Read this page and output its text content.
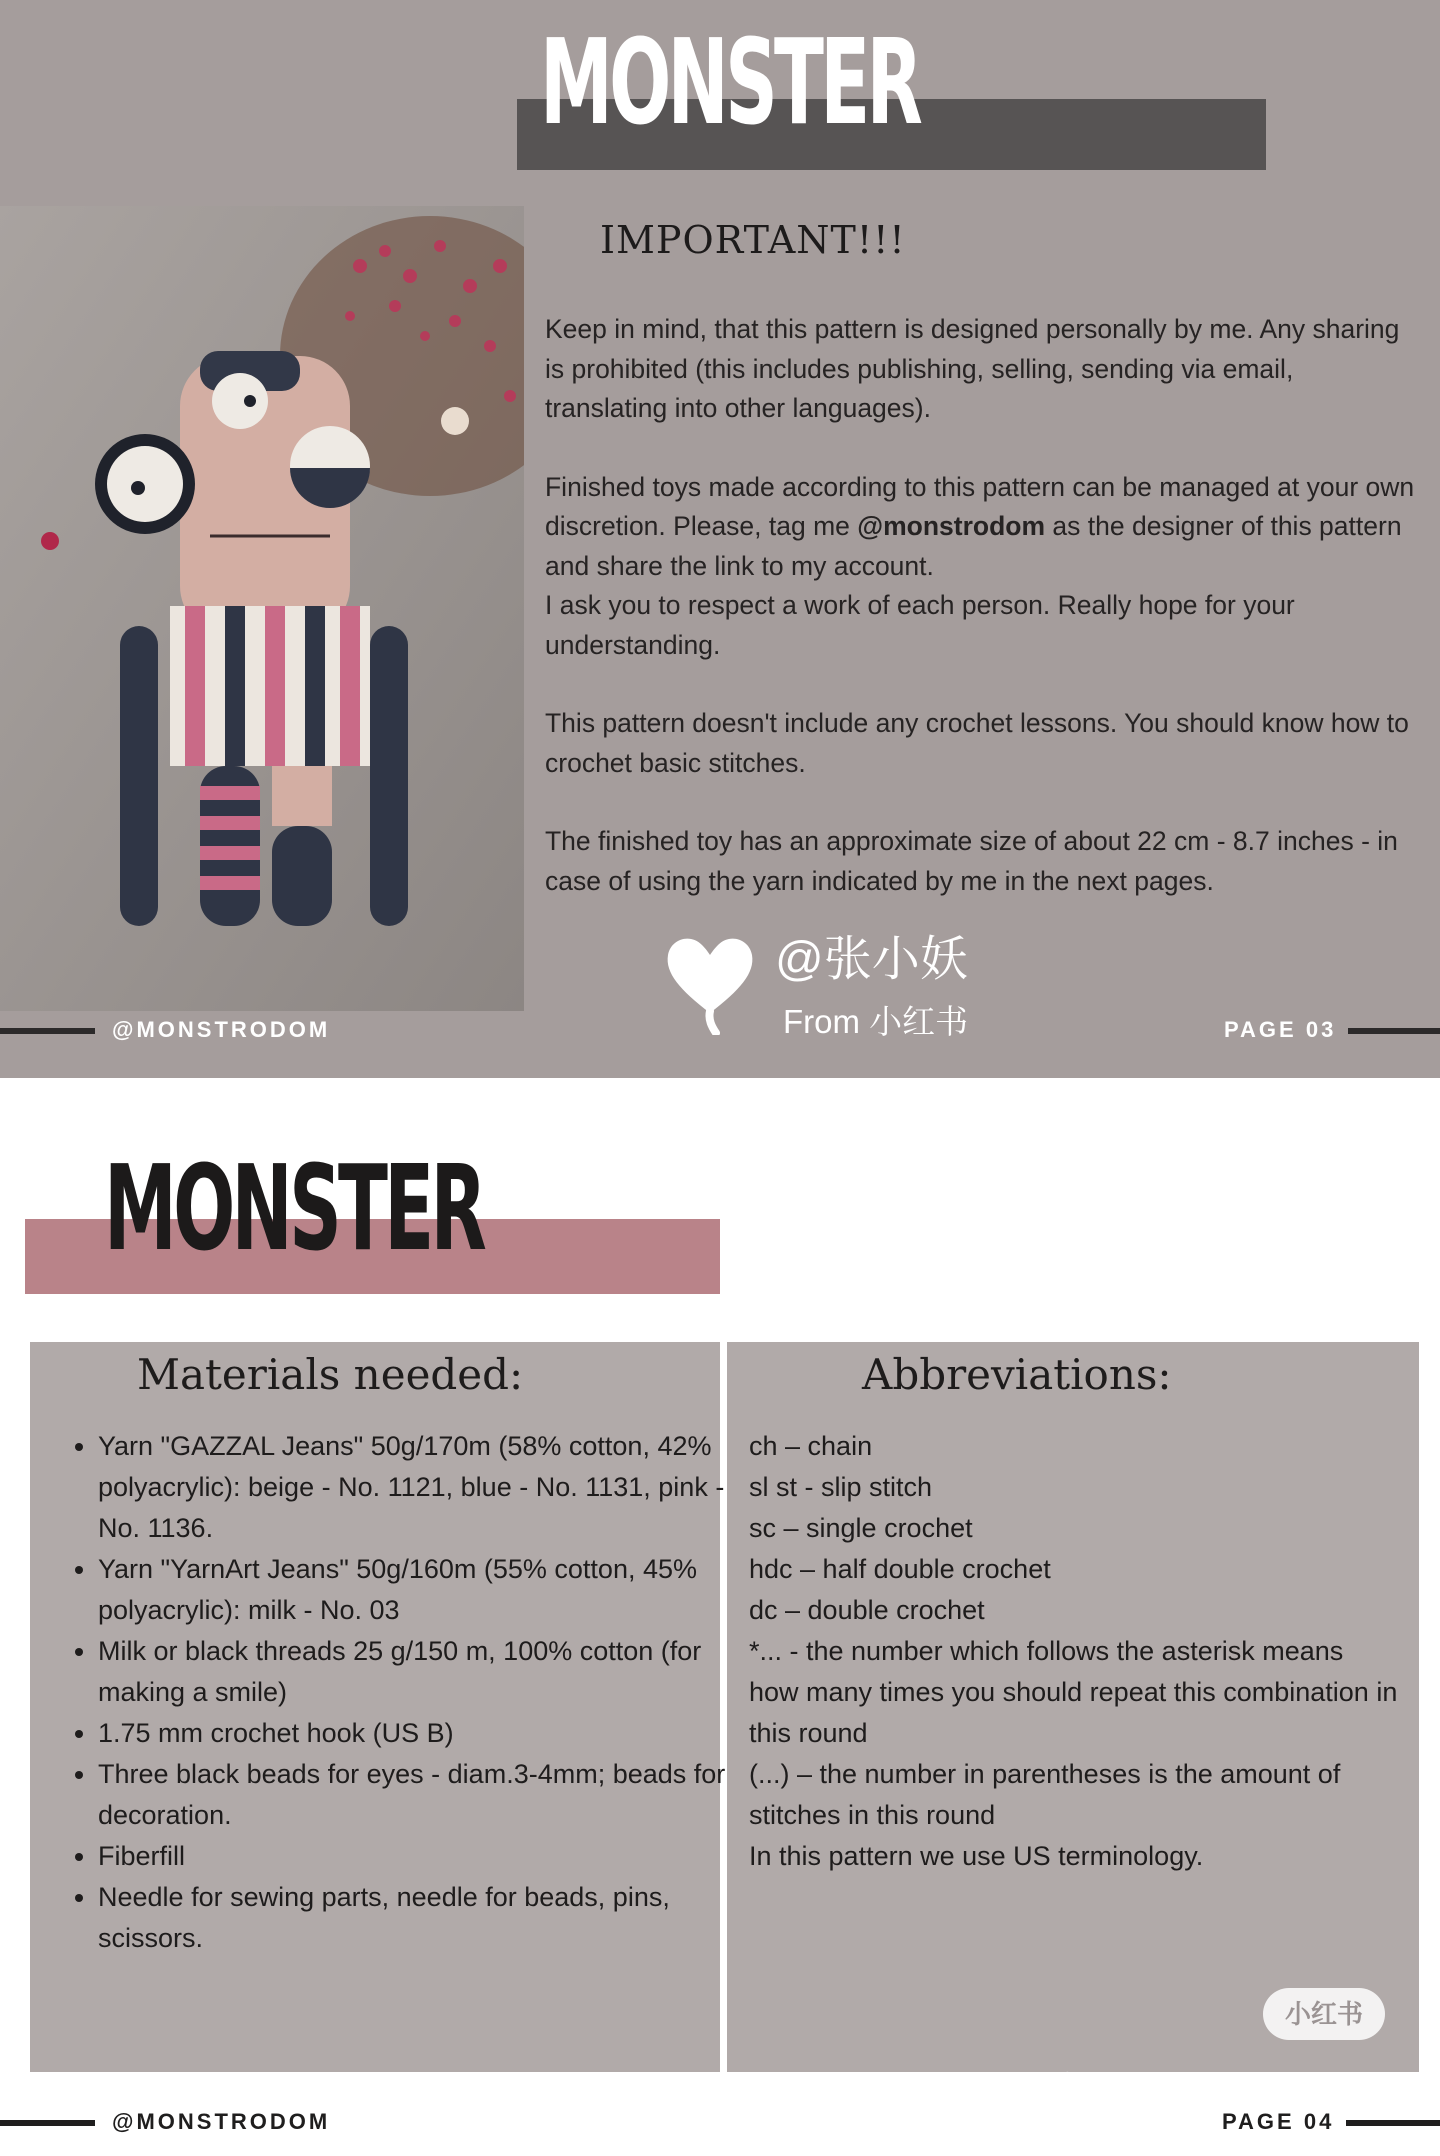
MONSTER
IMPORTANT!!!

Keep in mind, that this pattern is designed personally by me. Any sharing is prohibited (this includes publishing, selling, sending via email, translating into other languages).

Finished toys made according to this pattern can be managed at your own discretion. Please, tag me @monstrodom as the designer of this pattern and share the link to my account.

I ask you to respect a work of each person. Really hope for your understanding.

This pattern doesn't include any crochet lessons. You should know how to crochet basic stitches.

The finished toy has an approximate size of about 22 cm - 8.7 inches - in case of using the yarn indicated by me in the next pages.

@张小妖
From 小红书
@MONSTRODOM	PAGE 03
MONSTER
Materials needed:
• Yarn "GAZZAL Jeans" 50g/170m (58% cotton, 42% polyacrylic): beige - No. 1121, blue - No. 1131, pink - No. 1136.
• Yarn "YarnArt Jeans" 50g/160m (55% cotton, 45% polyacrylic): milk - No. 03
• Milk or black threads 25 g/150 m, 100% cotton (for making a smile)
• 1.75 mm crochet hook (US B)
• Three black beads for eyes - diam.3-4mm; beads for decoration.
• Fiberfill
• Needle for sewing parts, needle for beads, pins, scissors.
Abbreviations:
ch – chain
sl st - slip stitch
sc – single crochet
hdc – half double crochet
dc – double crochet
*... - the number which follows the asterisk means how many times you should repeat this combination in this round
(...) – the number in parentheses is the amount of stitches in this round
In this pattern we use US terminology.
小红书
小红书号: 1133437612
@MONSTRODOM	PAGE 04
